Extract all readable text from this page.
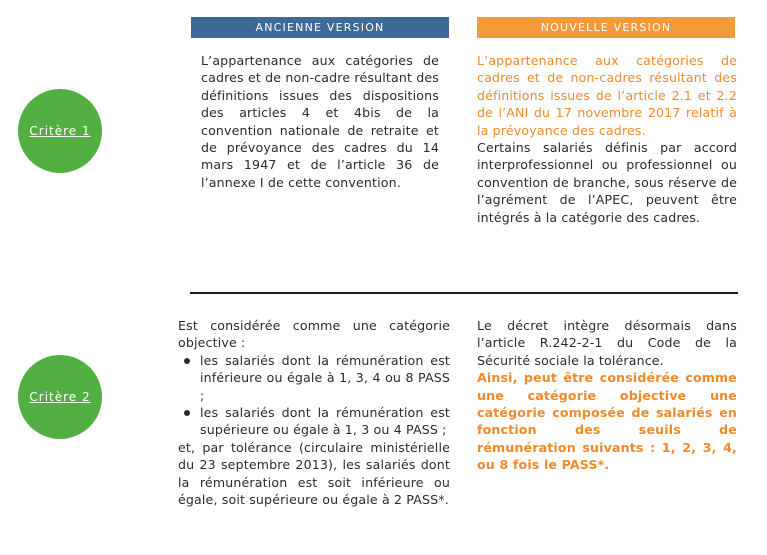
ANCIENNE VERSION	NOUVELLE VERSION
Critère 1

L’appartenance aux catégories de cadres et de non-cadre résultant des définitions issues des dispositions des articles 4 et 4bis de la convention nationale de retraite et de prévoyance des cadres du 14 mars 1947 et de l’article 36 de l’annexe I de cette convention.

L’appartenance aux catégories de cadres et de non-cadres résultant des définitions issues de l’article 2.1 et 2.2 de l’ANI du 17 novembre 2017 relatif à la prévoyance des cadres.

Certains salariés définis par accord interprofessionnel ou professionnel ou convention de branche, sous réserve de l’agrément de l’APEC, peuvent être intégrés à la catégorie des cadres.

Critère 2

Est considérée comme une catégorie objective :

les salariés dont la rémunération est inférieure ou égale à 1, 3, 4 ou 8 PASS ;
les salariés dont la rémunération est supérieure ou égale à 1, 3 ou 4 PASS ;

et, par tolérance (circulaire ministérielle du 23 septembre 2013), les salariés dont la rémunération est soit inférieure ou égale, soit supérieure ou égale à 2 PASS*.

Le décret intègre désormais dans l’article R.242-2-1 du Code de la Sécurité sociale la tolérance.

Ainsi, peut être considérée comme une catégorie objective une catégorie composée de salariés en fonction des seuils de rémunération suivants : 1, 2, 3, 4, ou 8 fois le PASS*.
